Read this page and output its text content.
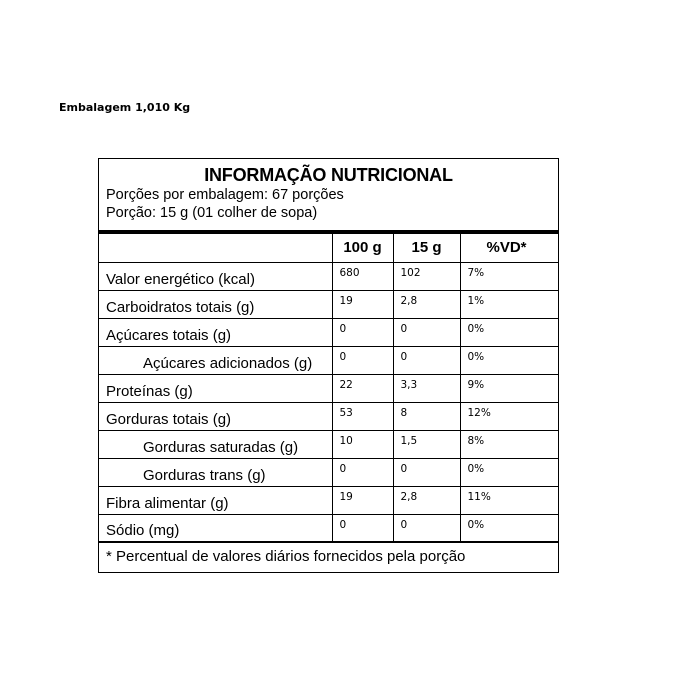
Embalagem 1,010 Kg
INFORMAÇÃO NUTRICIONAL
Porções por embalagem: 67 porções
Porção: 15 g (01 colher de sopa)
	100 g	15 g	%VD*
Valor energético (kcal)	680	102	7%
Carboidratos totais (g)	19	2,8	1%
Açúcares totais (g)	0	0	0%
Açúcares adicionados (g)	0	0	0%
Proteínas (g)	22	3,3	9%
Gorduras totais (g)	53	8	12%
Gorduras saturadas (g)	10	1,5	8%
Gorduras trans (g)	0	0	0%
Fibra alimentar (g)	19	2,8	11%
Sódio (mg)	0	0	0%
* Percentual de valores diários fornecidos pela porção
